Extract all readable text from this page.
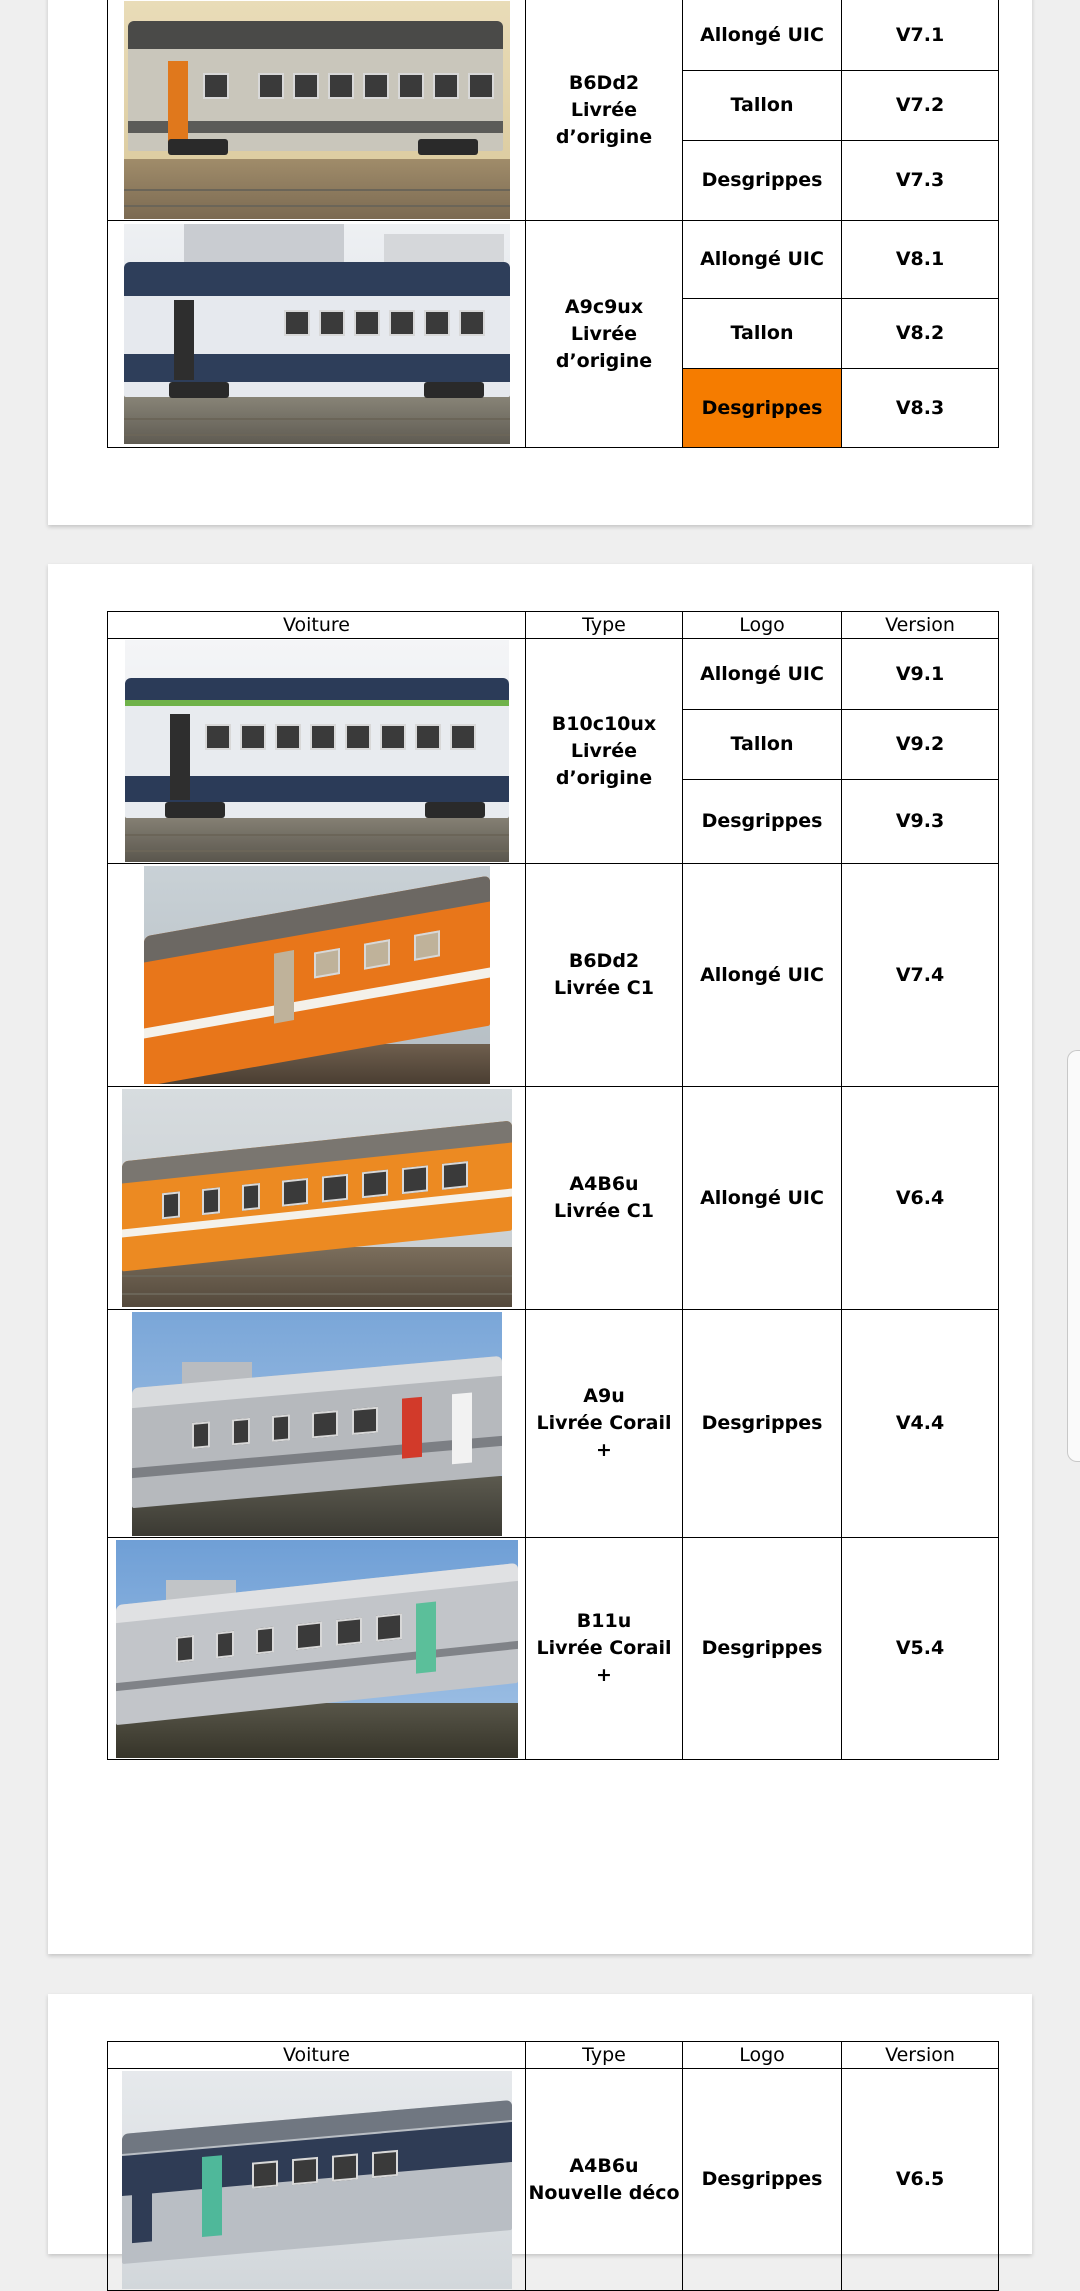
	B6Dd2
Livrée
d’origine	Allongé UIC	V7.1
		Tallon	V7.2
		Desgrippes	V7.3

	A9c9ux
Livrée
d’origine	Allongé UIC	V8.1
		Tallon	V8.2
		Desgrippes	V8.3
Voiture	Type	Logo	Version

	B10c10ux
Livrée
d’origine	Allongé UIC	V9.1
		Tallon	V9.2
		Desgrippes	V9.3

	B6Dd2
Livrée C1	Allongé UIC	V7.4

	A4B6u
Livrée C1	Allongé UIC	V6.4

	A9u
Livrée Corail +	Desgrippes	V4.4

	B11u
Livrée Corail +	Desgrippes	V5.4
Voiture	Type	Logo	Version

	A4B6u
Nouvelle déco	Desgrippes	V6.5
